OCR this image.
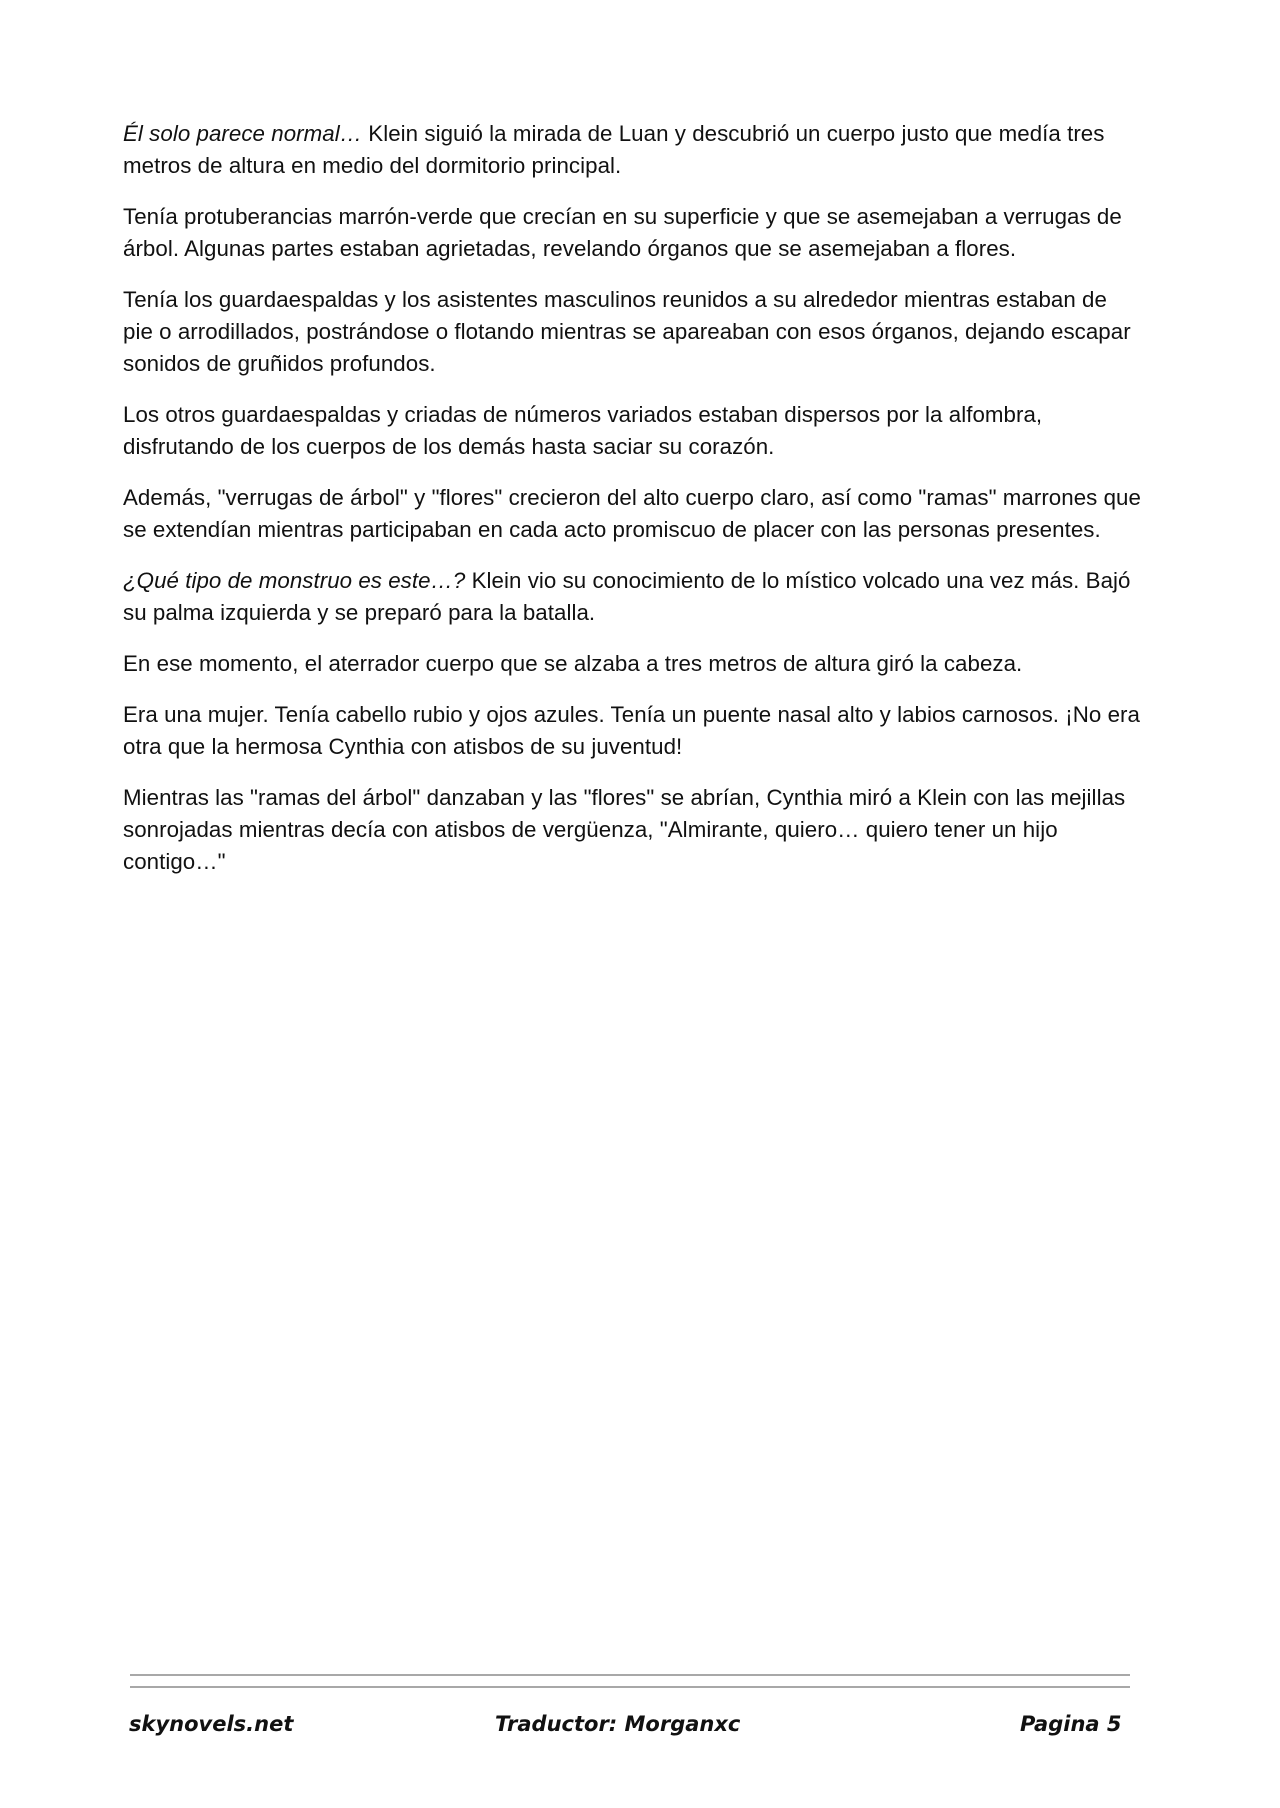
Él solo parece normal… Klein siguió la mirada de Luan y descubrió un cuerpo justo que medía tres metros de altura en medio del dormitorio principal.

Tenía protuberancias marrón-verde que crecían en su superficie y que se asemejaban a verrugas de árbol. Algunas partes estaban agrietadas, revelando órganos que se asemejaban a flores.

Tenía los guardaespaldas y los asistentes masculinos reunidos a su alrededor mientras estaban de pie o arrodillados, postrándose o flotando mientras se apareaban con esos órganos, dejando escapar sonidos de gruñidos profundos.

Los otros guardaespaldas y criadas de números variados estaban dispersos por la alfombra, disfrutando de los cuerpos de los demás hasta saciar su corazón.

Además, "verrugas de árbol" y "flores" crecieron del alto cuerpo claro, así como "ramas" marrones que se extendían mientras participaban en cada acto promiscuo de placer con las personas presentes.

¿Qué tipo de monstruo es este…? Klein vio su conocimiento de lo místico volcado una vez más. Bajó su palma izquierda y se preparó para la batalla.

En ese momento, el aterrador cuerpo que se alzaba a tres metros de altura giró la cabeza.

Era una mujer. Tenía cabello rubio y ojos azules. Tenía un puente nasal alto y labios carnosos. ¡No era otra que la hermosa Cynthia con atisbos de su juventud!

Mientras las "ramas del árbol" danzaban y las "flores" se abrían, Cynthia miró a Klein con las mejillas sonrojadas mientras decía con atisbos de vergüenza, "Almirante, quiero… quiero tener un hijo contigo…"

skynovels.net	Traductor: Morganxc	Pagina 5
